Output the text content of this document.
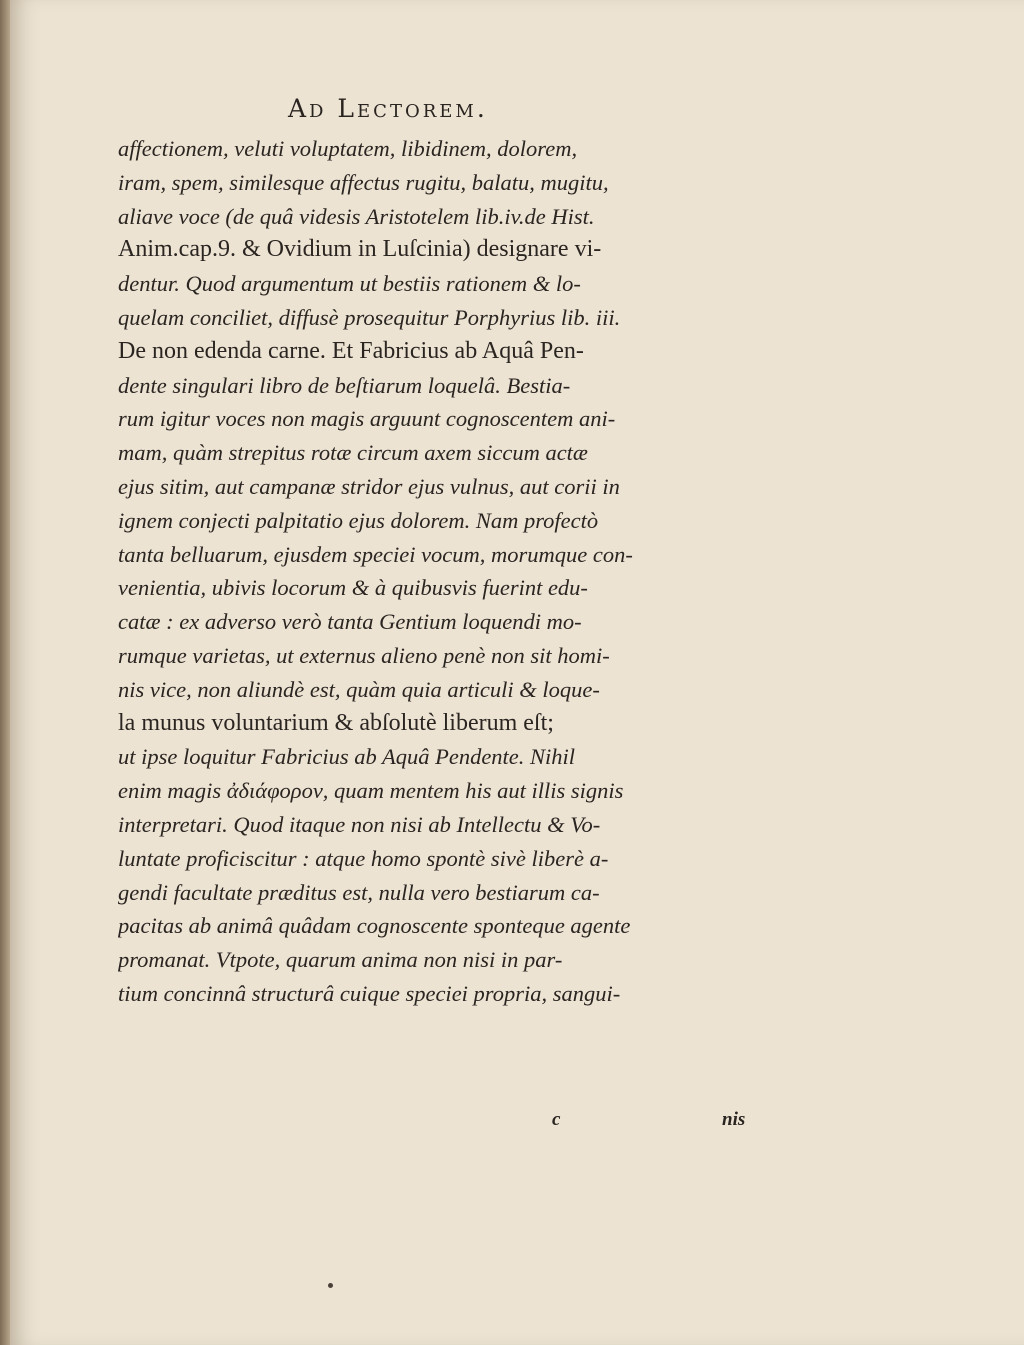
Ad Lectorem.
affectionem, veluti voluptatem, libidinem, dolorem,
iram, spem, similesque affectus rugitu, balatu, mugitu,
aliave voce (de quâ videsis Aristotelem lib.iv.de Hist.
Anim.cap.9. & Ovidium in Luſcinia) designare vi-
dentur. Quod argumentum ut bestiis rationem & lo-
quelam conciliet, diffusè prosequitur Porphyrius lib. iii.
De non edenda carne. Et Fabricius ab Aquâ Pen-
dente singulari libro de beſtiarum loquelâ. Bestia-
rum igitur voces non magis arguunt cognoscentem ani-
mam, quàm strepitus rotæ circum axem siccum actæ
ejus sitim, aut campanæ stridor ejus vulnus, aut corii in
ignem conjecti palpitatio ejus dolorem. Nam profectò
tanta belluarum, ejusdem speciei vocum, morumque con-
venientia, ubivis locorum & à quibusvis fuerint edu-
catæ : ex adverso verò tanta Gentium loquendi mo-
rumque varietas, ut externus alieno penè non sit homi-
nis vice, non aliundè est, quàm quia articuli & loque-
la munus voluntarium & abſolutè liberum eſt;
ut ipse loquitur Fabricius ab Aquâ Pendente. Nihil
enim magis ἀδιάφορον, quam mentem his aut illis signis
interpretari. Quod itaque non nisi ab Intellectu & Vo-
luntate proficiscitur : atque homo spontè sivè liberè a-
gendi facultate præditus est, nulla vero bestiarum ca-
pacitas ab animâ quâdam cognoscente sponteque agente
promanat. Vtpote, quarum anima non nisi in par-
tium concinnâ structurâ cuique speciei propria, sangui-
c	nis
